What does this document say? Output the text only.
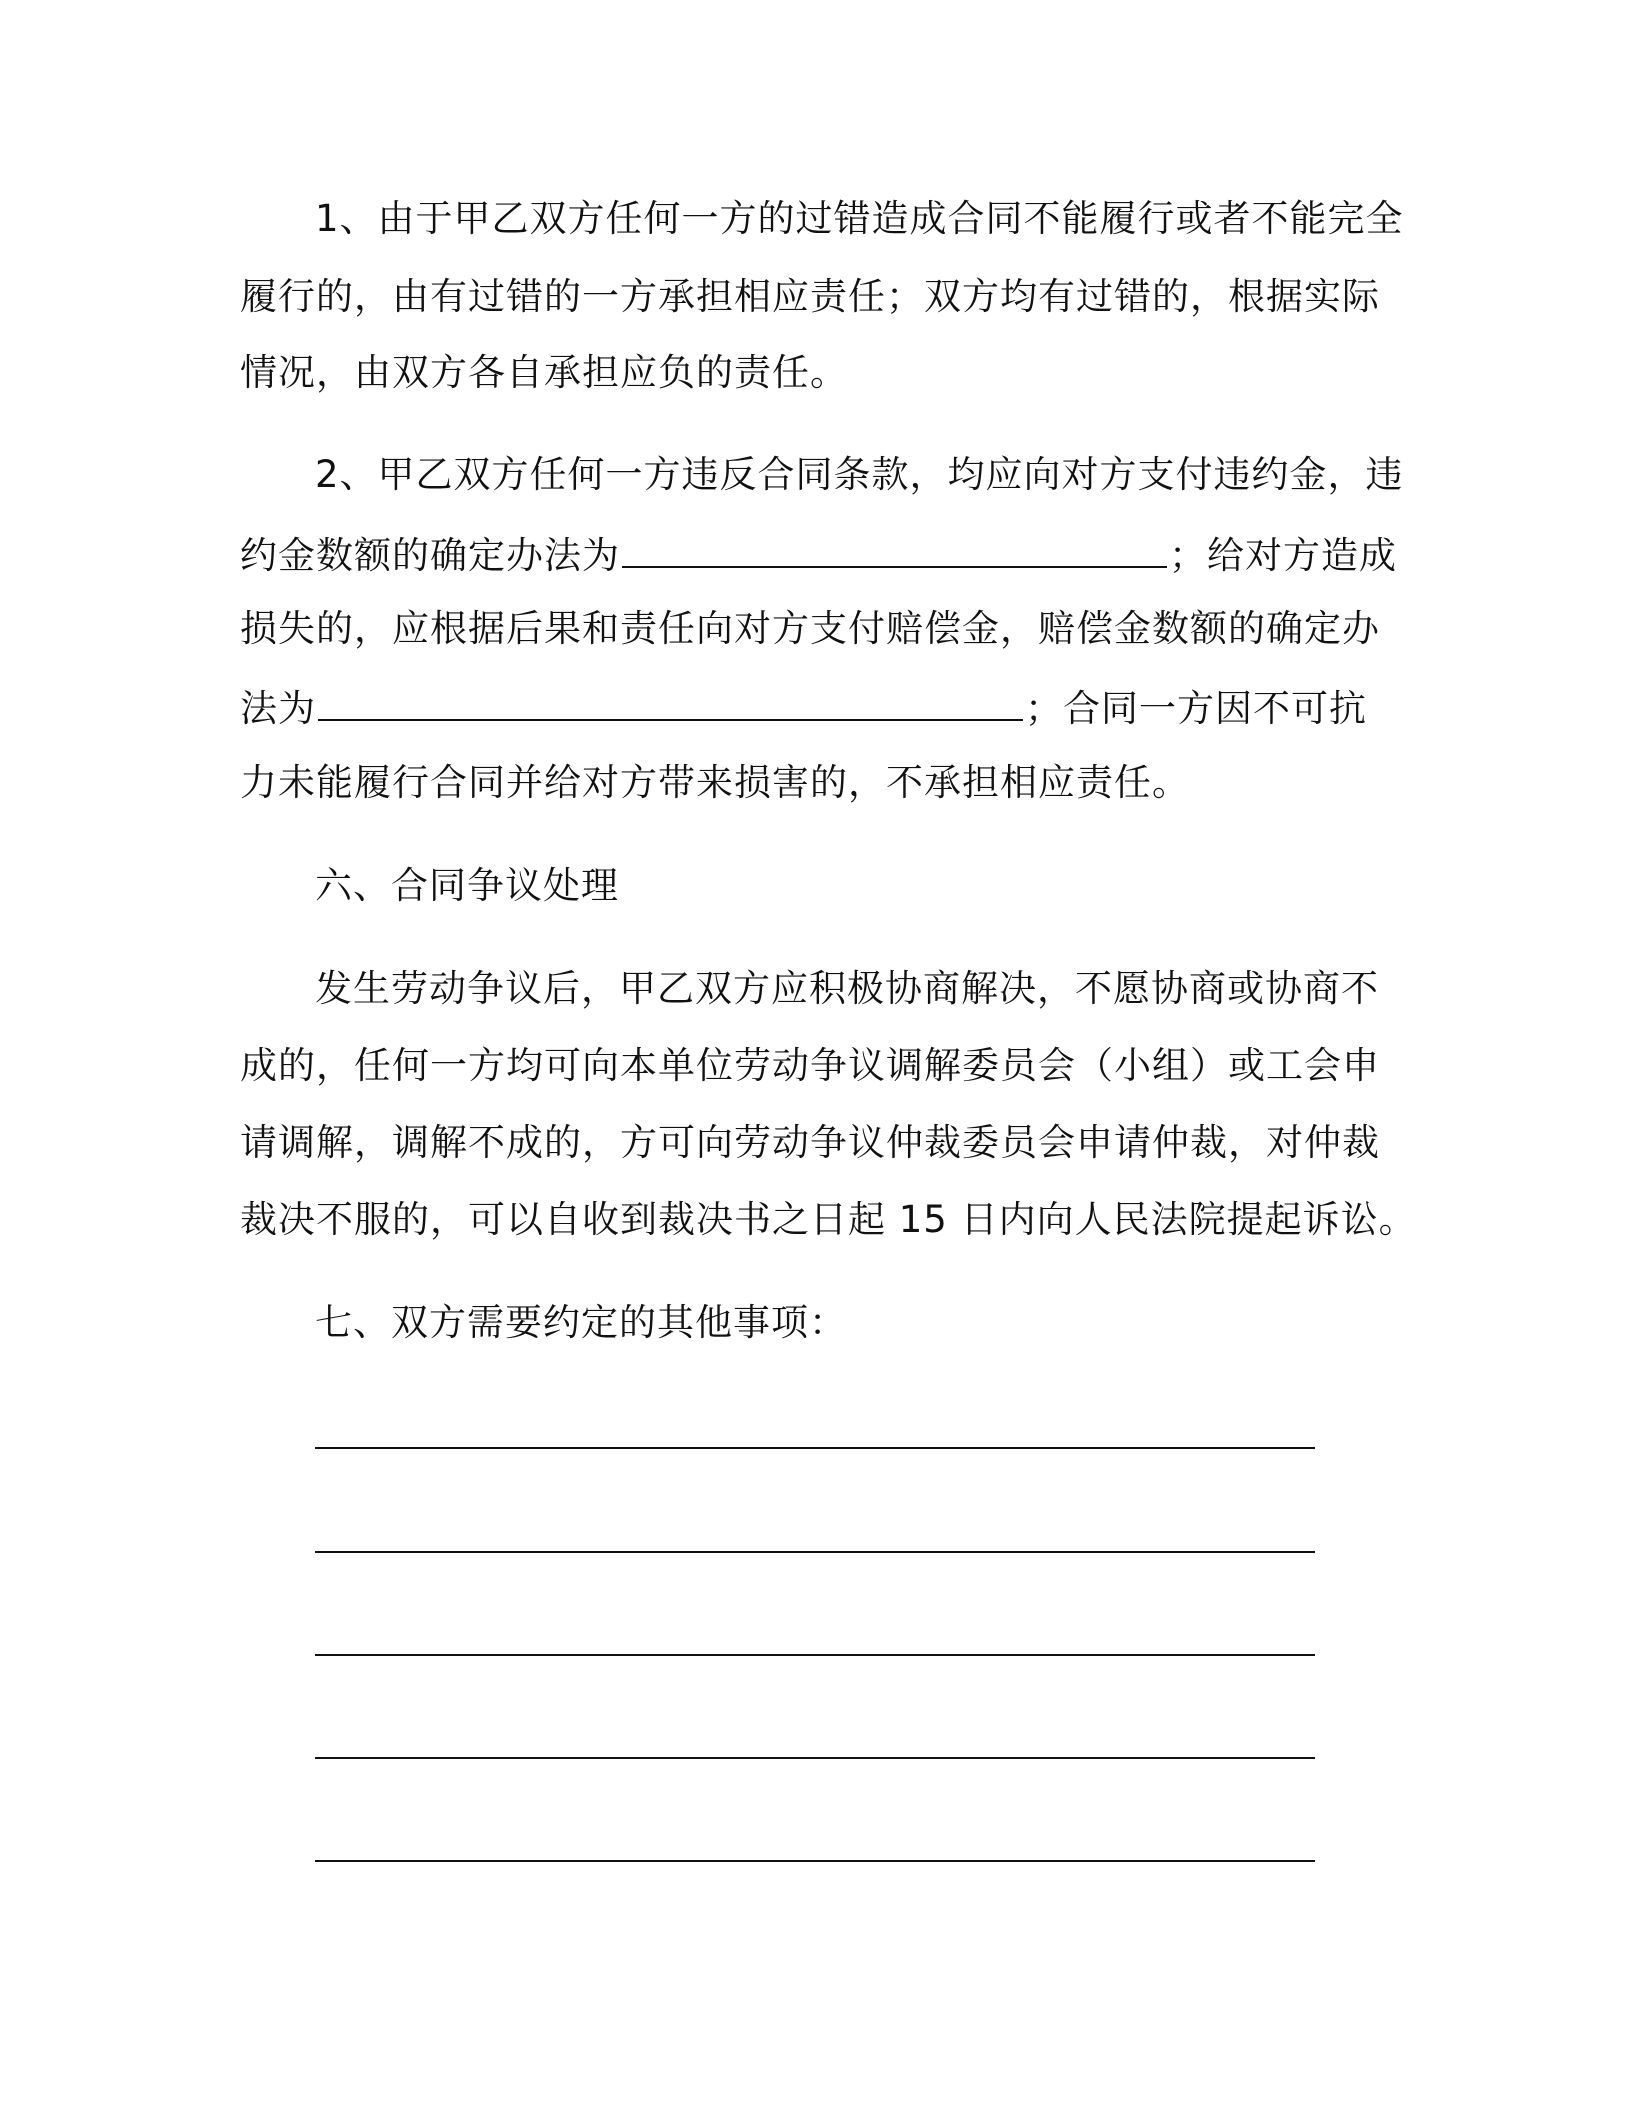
1、由于甲乙双方任何一方的过错造成合同不能履行或者不能完全
履行的，由有过错的一方承担相应责任；双方均有过错的，根据实际
情况，由双方各自承担应负的责任。
2、甲乙双方任何一方违反合同条款，均应向对方支付违约金，违
约金数额的确定办法为	；给对方造成
损失的，应根据后果和责任向对方支付赔偿金，赔偿金数额的确定办
法为	；合同一方因不可抗
力未能履行合同并给对方带来损害的，不承担相应责任。
六、合同争议处理
发生劳动争议后，甲乙双方应积极协商解决，不愿协商或协商不
成的，任何一方均可向本单位劳动争议调解委员会（小组）或工会申
请调解，调解不成的，方可向劳动争议仲裁委员会申请仲裁，对仲裁
裁决不服的，可以自收到裁决书之日起 15 日内向人民法院提起诉讼。
七、双方需要约定的其他事项：
